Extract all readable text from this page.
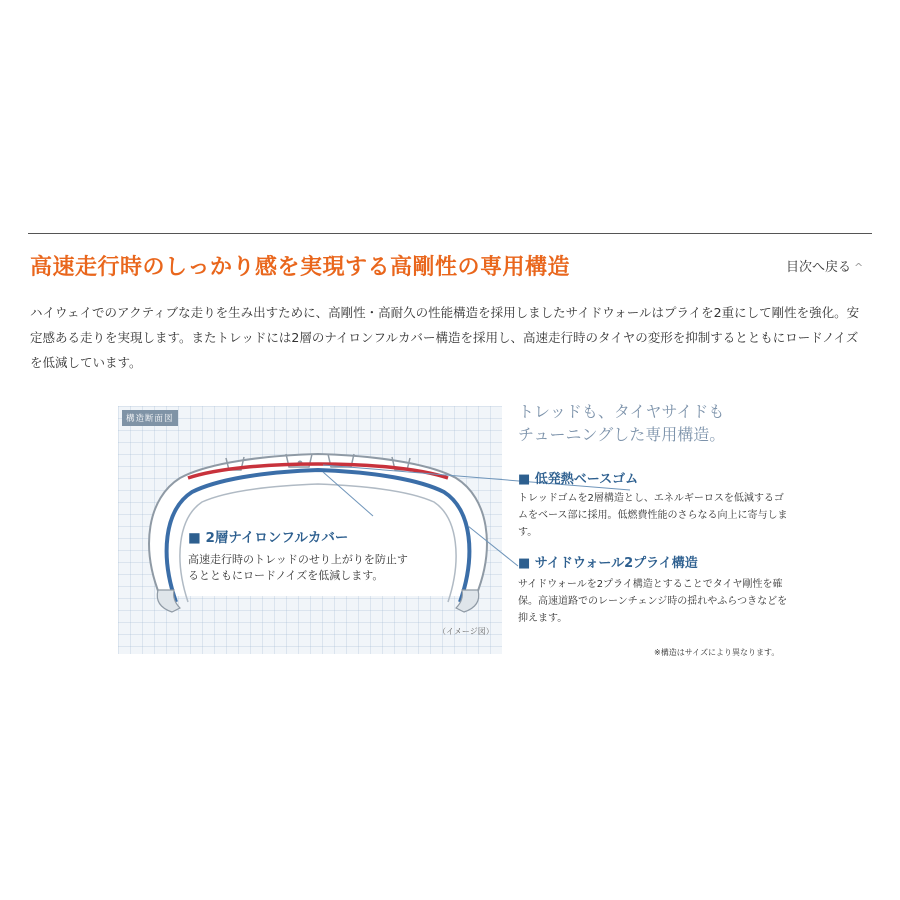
高速走行時のしっかり感を実現する高剛性の専用構造	目次へ戻る ^

ハイウェイでのアクティブな走りを生み出すために、高剛性・高耐久の性能構造を採用しましたサイドウォールはプライを2重にして剛性を強化。安定感ある走りを実現します。またトレッドには2層のナイロンフルカバー構造を採用し、高速走行時のタイヤの変形を抑制するとともにロードノイズを低減しています。

構造断面図
■ 2層ナイロンフルカバー

高速走行時のトレッドのせり上がりを防止するとともにロードノイズを低減します。

（イメージ図）

トレッドも、タイヤサイドも
チューニングした専用構造。

■ 低発熱ベースゴム

トレッドゴムを2層構造とし、エネルギーロスを低減するゴムをベース部に採用。低燃費性能のさらなる向上に寄与します。

■ サイドウォール2プライ構造

サイドウォールを2プライ構造とすることでタイヤ剛性を確保。高速道路でのレーンチェンジ時の揺れやふらつきなどを抑えます。

※構造はサイズにより異なります。
